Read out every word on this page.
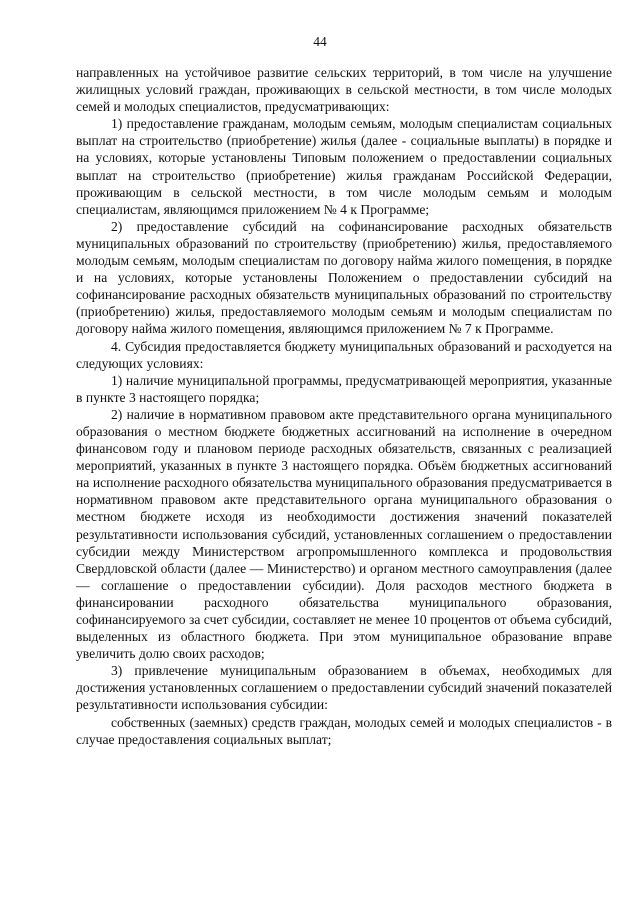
44

направленных на устойчивое развитие сельских территорий, в том числе на улучшение жилищных условий граждан, проживающих в сельской местности, в том числе молодых семей и молодых специалистов, предусматривающих:

1) предоставление гражданам, молодым семьям, молодым специалистам социальных выплат на строительство (приобретение) жилья (далее - социальные выплаты) в порядке и на условиях, которые установлены Типовым положением о предоставлении социальных выплат на строительство (приобретение) жилья гражданам Российской Федерации, проживающим в сельской местности, в том числе молодым семьям и молодым специалистам, являющимся приложением № 4 к Программе;

2) предоставление субсидий на софинансирование расходных обязательств муниципальных образований по строительству (приобретению) жилья, предоставляемого молодым семьям, молодым специалистам по договору найма жилого помещения, в порядке и на условиях, которые установлены Положением о предоставлении субсидий на софинансирование расходных обязательств муниципальных образований по строительству (приобретению) жилья, предоставляемого молодым семьям и молодым специалистам по договору найма жилого помещения, являющимся приложением № 7 к Программе.

4. Субсидия предоставляется бюджету муниципальных образований и расходуется на следующих условиях:

1) наличие муниципальной программы, предусматривающей мероприятия, указанные в пункте 3 настоящего порядка;

2) наличие в нормативном правовом акте представительного органа муниципального образования о местном бюджете бюджетных ассигнований на исполнение в очередном финансовом году и плановом периоде расходных обязательств, связанных с реализацией мероприятий, указанных в пункте 3 настоящего порядка. Объём бюджетных ассигнований на исполнение расходного обязательства муниципального образования предусматривается в нормативном правовом акте представительного органа муниципального образования о местном бюджете исходя из необходимости достижения значений показателей результативности использования субсидий, установленных соглашением о предоставлении субсидии между Министерством агропромышленного комплекса и продовольствия Свердловской области (далее — Министерство) и органом местного самоуправления (далее — соглашение о предоставлении субсидии). Доля расходов местного бюджета в финансировании расходного обязательства муниципального образования, софинансируемого за счет субсидии, составляет не менее 10 процентов от объема субсидий, выделенных из областного бюджета. При этом муниципальное образование вправе увеличить долю своих расходов;

3) привлечение муниципальным образованием в объемах, необходимых для достижения установленных соглашением о предоставлении субсидий значений показателей результативности использования субсидии:

собственных (заемных) средств граждан, молодых семей и молодых специалистов - в случае предоставления социальных выплат;
